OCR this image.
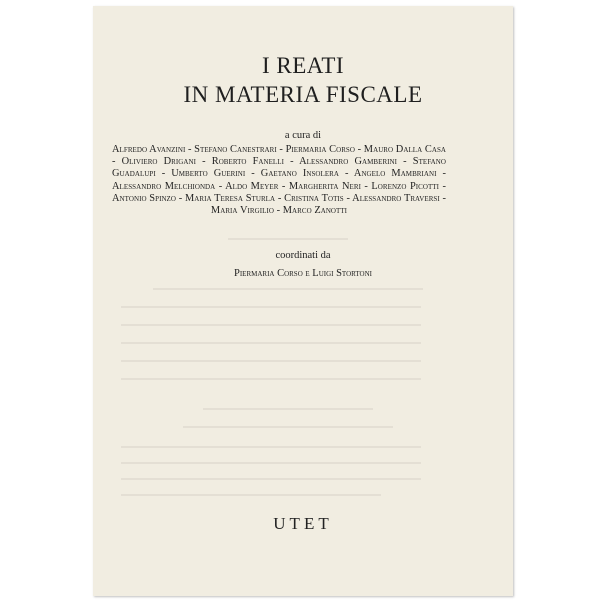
I REATI
IN MATERIA FISCALE
a cura di
Alfredo Avanzini - Stefano Canestrari - Piermaria Corso - Mauro Dalla Casa - Oliviero Drigani - Roberto Fanelli - Alessandro Gamberini - Stefano Guadalupi - Umberto Guerini - Gaetano Insolera - Angelo Mambriani - Alessandro Melchionda - Aldo Meyer - Margherita Neri - Lorenzo Picotti - Antonio Spinzo - Maria Teresa Sturla - Cristina Totis - Alessandro Traversi - Maria Virgilio - Marco Zanotti
coordinati da
Piermaria Corso e Luigi Stortoni
UTET
